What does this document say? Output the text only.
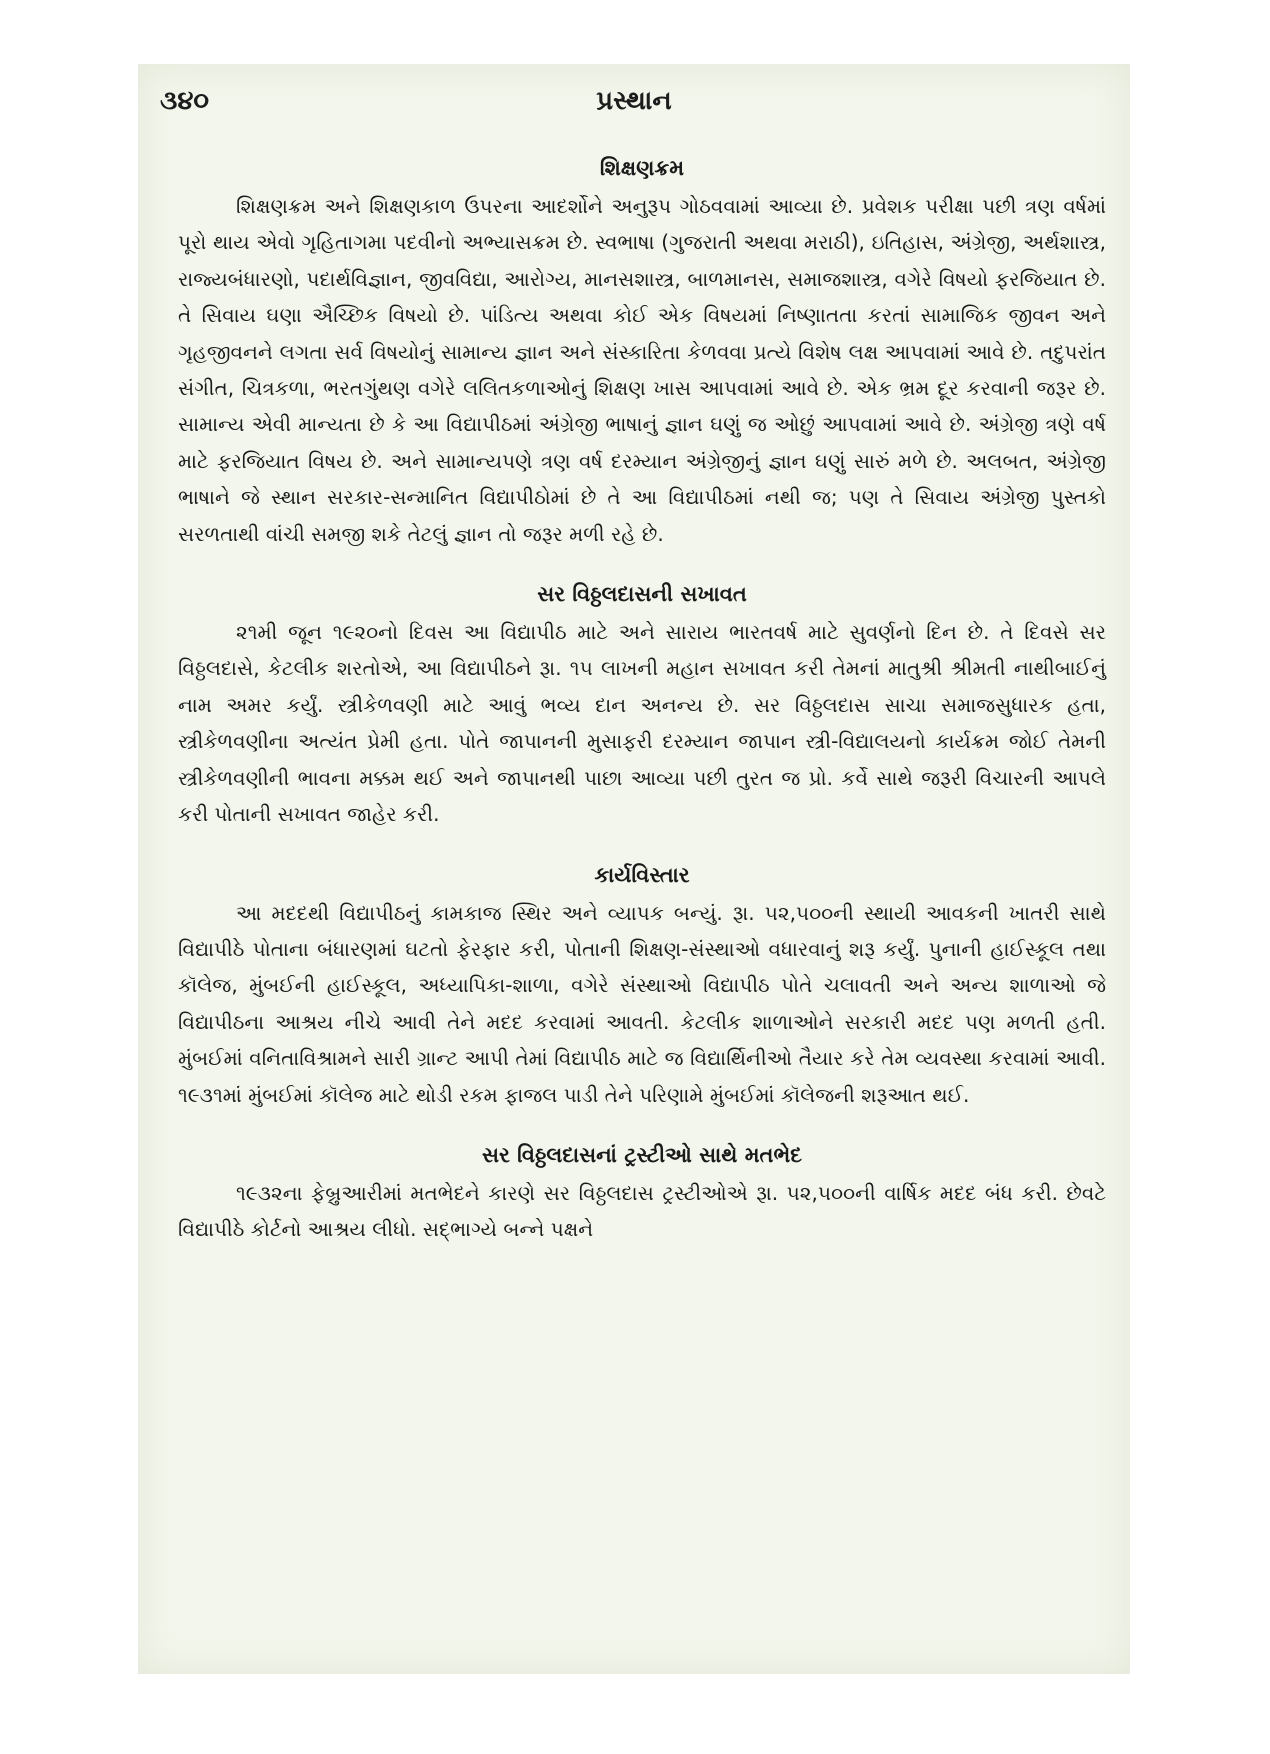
૩૪૦	પ્રસ્થાન
શિક્ષણક્રમ

શિક્ષણક્રમ અને શિક્ષણકાળ ઉપરના આદર્શોને અનુરૂપ ગોઠવવામાં આવ્યા છે. પ્રવેશક પરીક્ષા પછી ત્રણ વર્ષમાં પૂરો થાય એવો ગૃહિતાગમા પદવીનો અભ્યાસક્રમ છે. સ્વભાષા (ગુજરાતી અથવા મરાઠી), ઇતિહાસ, અંગ્રેજી, અર્થશાસ્ત્ર, રાજ્યબંધારણો, પદાર્થવિજ્ઞાન, જીવવિદ્યા, આરોગ્ય, માનસશાસ્ત્ર, બાળમાનસ, સમાજશાસ્ત્ર, વગેરે વિષયો ફરજિયાત છે. તે સિવાય ઘણા ઐચ્છિક વિષયો છે. પાંડિત્ય અથવા કોઈ એક વિષયમાં નિષ્ણાતતા કરતાં સામાજિક જીવન અને ગૃહજીવનને લગતા સર્વ વિષયોનું સામાન્ય જ્ઞાન અને સંસ્કારિતા કેળવવા પ્રત્યે વિશેષ લક્ષ આપવામાં આવે છે. તદુપરાંત સંગીત, ચિત્રકળા, ભરતગુંથણ વગેરે લલિતકળાઓનું શિક્ષણ ખાસ આપવામાં આવે છે. એક ભ્રમ દૂર કરવાની જરૂર છે. સામાન્ય એવી માન્યતા છે કે આ વિદ્યાપીઠમાં અંગ્રેજી ભાષાનું જ્ઞાન ઘણું જ ઓછું આપવામાં આવે છે. અંગ્રેજી ત્રણે વર્ષ માટે ફરજિયાત વિષય છે. અને સામાન્યપણે ત્રણ વર્ષ દરમ્યાન અંગ્રેજીનું જ્ઞાન ઘણું સારું મળે છે. અલબત, અંગ્રેજી ભાષાને જે સ્થાન સરકાર-સન્માનિત વિદ્યાપીઠોમાં છે તે આ વિદ્યાપીઠમાં નથી જ; પણ તે સિવાય અંગ્રેજી પુસ્તકો સરળતાથી વાંચી સમજી શકે તેટલું જ્ઞાન તો જરૂર મળી રહે છે.

સર વિઠ્ઠલદાસની સખાવત

૨૧મી જૂન ૧૯૨૦નો દિવસ આ વિદ્યાપીઠ માટે અને સારાય ભારતવર્ષ માટે સુવર્ણનો દિન છે. તે દિવસે સર વિઠ્ઠલદાસે, કેટલીક શરતોએ, આ વિદ્યાપીઠને રૂા. ૧૫ લાખની મહાન સખાવત કરી તેમનાં માતુશ્રી શ્રીમતી નાથીબાઈનું નામ અમર કર્યું. સ્ત્રીકેળવણી માટે આવું ભવ્ય દાન અનન્ય છે. સર વિઠ્ઠલદાસ સાચા સમાજસુધારક હતા, સ્ત્રીકેળવણીના અત્યંત પ્રેમી હતા. પોતે જાપાનની મુસાફરી દરમ્યાન જાપાન સ્ત્રી-વિદ્યાલયનો કાર્યક્રમ જોઈ તેમની સ્ત્રીકેળવણીની ભાવના મક્કમ થઈ અને જાપાનથી પાછા આવ્યા પછી તુરત જ પ્રો. કર્વે સાથે જરૂરી વિચારની આપલે કરી પોતાની સખાવત જાહેર કરી.

કાર્યવિસ્તાર

આ મદદથી વિદ્યાપીઠનું કામકાજ સ્થિર અને વ્યાપક બન્યું. રૂા. ૫૨,૫૦૦ની સ્થાયી આવકની ખાતરી સાથે વિદ્યાપીઠે પોતાના બંધારણમાં ઘટતો ફેરફાર કરી, પોતાની શિક્ષણ-સંસ્થાઓ વધારવાનું શરૂ કર્યું. પુનાની હાઈસ્કૂલ તથા કૉલેજ, મુંબઈની હાઈસ્કૂલ, અધ્યાપિકા-શાળા, વગેરે સંસ્થાઓ વિદ્યાપીઠ પોતે ચલાવતી અને અન્ય શાળાઓ જે વિદ્યાપીઠના આશ્રય નીચે આવી તેને મદદ કરવામાં આવતી. કેટલીક શાળાઓને સરકારી મદદ પણ મળતી હતી. મુંબઈમાં વનિતાવિશ્રામને સારી ગ્રાન્ટ આપી તેમાં વિદ્યાપીઠ માટે જ વિદ્યાર્થિનીઓ તૈયાર કરે તેમ વ્યવસ્થા કરવામાં આવી. ૧૯૩૧માં મુંબઈમાં કૉલેજ માટે થોડી રકમ ફાજલ પાડી તેને પરિણામે મુંબઈમાં કૉલેજની શરૂઆત થઈ.

સર વિઠ્ઠલદાસનાં ટ્રસ્ટીઓ સાથે મતભેદ

૧૯૩૨ના ફેબ્રુઆરીમાં મતભેદને કારણે સર વિઠ્ઠલદાસ ટ્રસ્ટીઓએ રૂા. ૫૨,૫૦૦ની વાર્ષિક મદદ બંધ કરી. છેવટે વિદ્યાપીઠે કોર્ટનો આશ્રય લીધો. સદ્ભાગ્યે બન્ને પક્ષને
